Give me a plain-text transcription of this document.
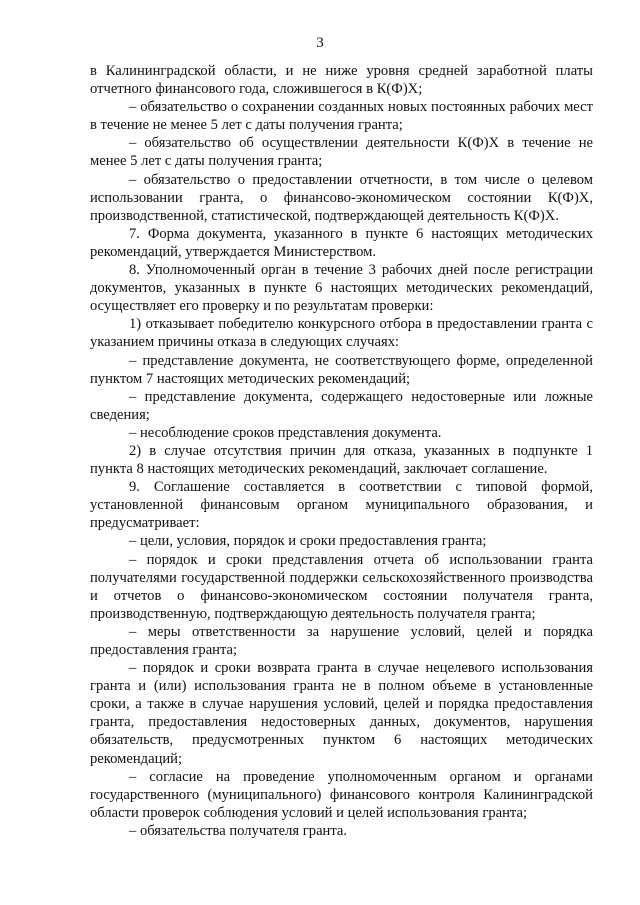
3

в Калининградской области, и не ниже уровня средней заработной платы отчетного финансового года, сложившегося в К(Ф)Х;

– обязательство о сохранении созданных новых постоянных рабочих мест в течение не менее 5 лет с даты получения гранта;

– обязательство об осуществлении деятельности К(Ф)Х в течение не менее 5 лет с даты получения гранта;

– обязательство о предоставлении отчетности, в том числе о целевом использовании гранта, о финансово-экономическом состоянии К(Ф)Х, производственной, статистической, подтверждающей деятельность К(Ф)Х.

7. Форма документа, указанного в пункте 6 настоящих методических рекомендаций, утверждается Министерством.

8. Уполномоченный орган в течение 3 рабочих дней после регистрации документов, указанных в пункте 6 настоящих методических рекомендаций, осуществляет его проверку и по результатам проверки:

1) отказывает победителю конкурсного отбора в предоставлении гранта с указанием причины отказа в следующих случаях:

– представление документа, не соответствующего форме, определенной пунктом 7 настоящих методических рекомендаций;

– представление документа, содержащего недостоверные или ложные сведения;

– несоблюдение сроков представления документа.

2) в случае отсутствия причин для отказа, указанных в подпункте 1 пункта 8 настоящих методических рекомендаций, заключает соглашение.

9. Соглашение составляется в соответствии с типовой формой, установленной финансовым органом муниципального образования, и предусматривает:

– цели, условия, порядок и сроки предоставления гранта;

– порядок и сроки представления отчета об использовании гранта получателями государственной поддержки сельскохозяйственного производства и отчетов о финансово-экономическом состоянии получателя гранта, производственную, подтверждающую деятельность получателя гранта;

– меры ответственности за нарушение условий, целей и порядка предоставления гранта;

– порядок и сроки возврата гранта в случае нецелевого использования гранта и (или) использования гранта не в полном объеме в установленные сроки, а также в случае нарушения условий, целей и порядка предоставления гранта, предоставления недостоверных данных, документов, нарушения обязательств, предусмотренных пунктом 6 настоящих методических рекомендаций;

– согласие на проведение уполномоченным органом и органами государственного (муниципального) финансового контроля Калининградской области проверок соблюдения условий и целей использования гранта;

– обязательства получателя гранта.
